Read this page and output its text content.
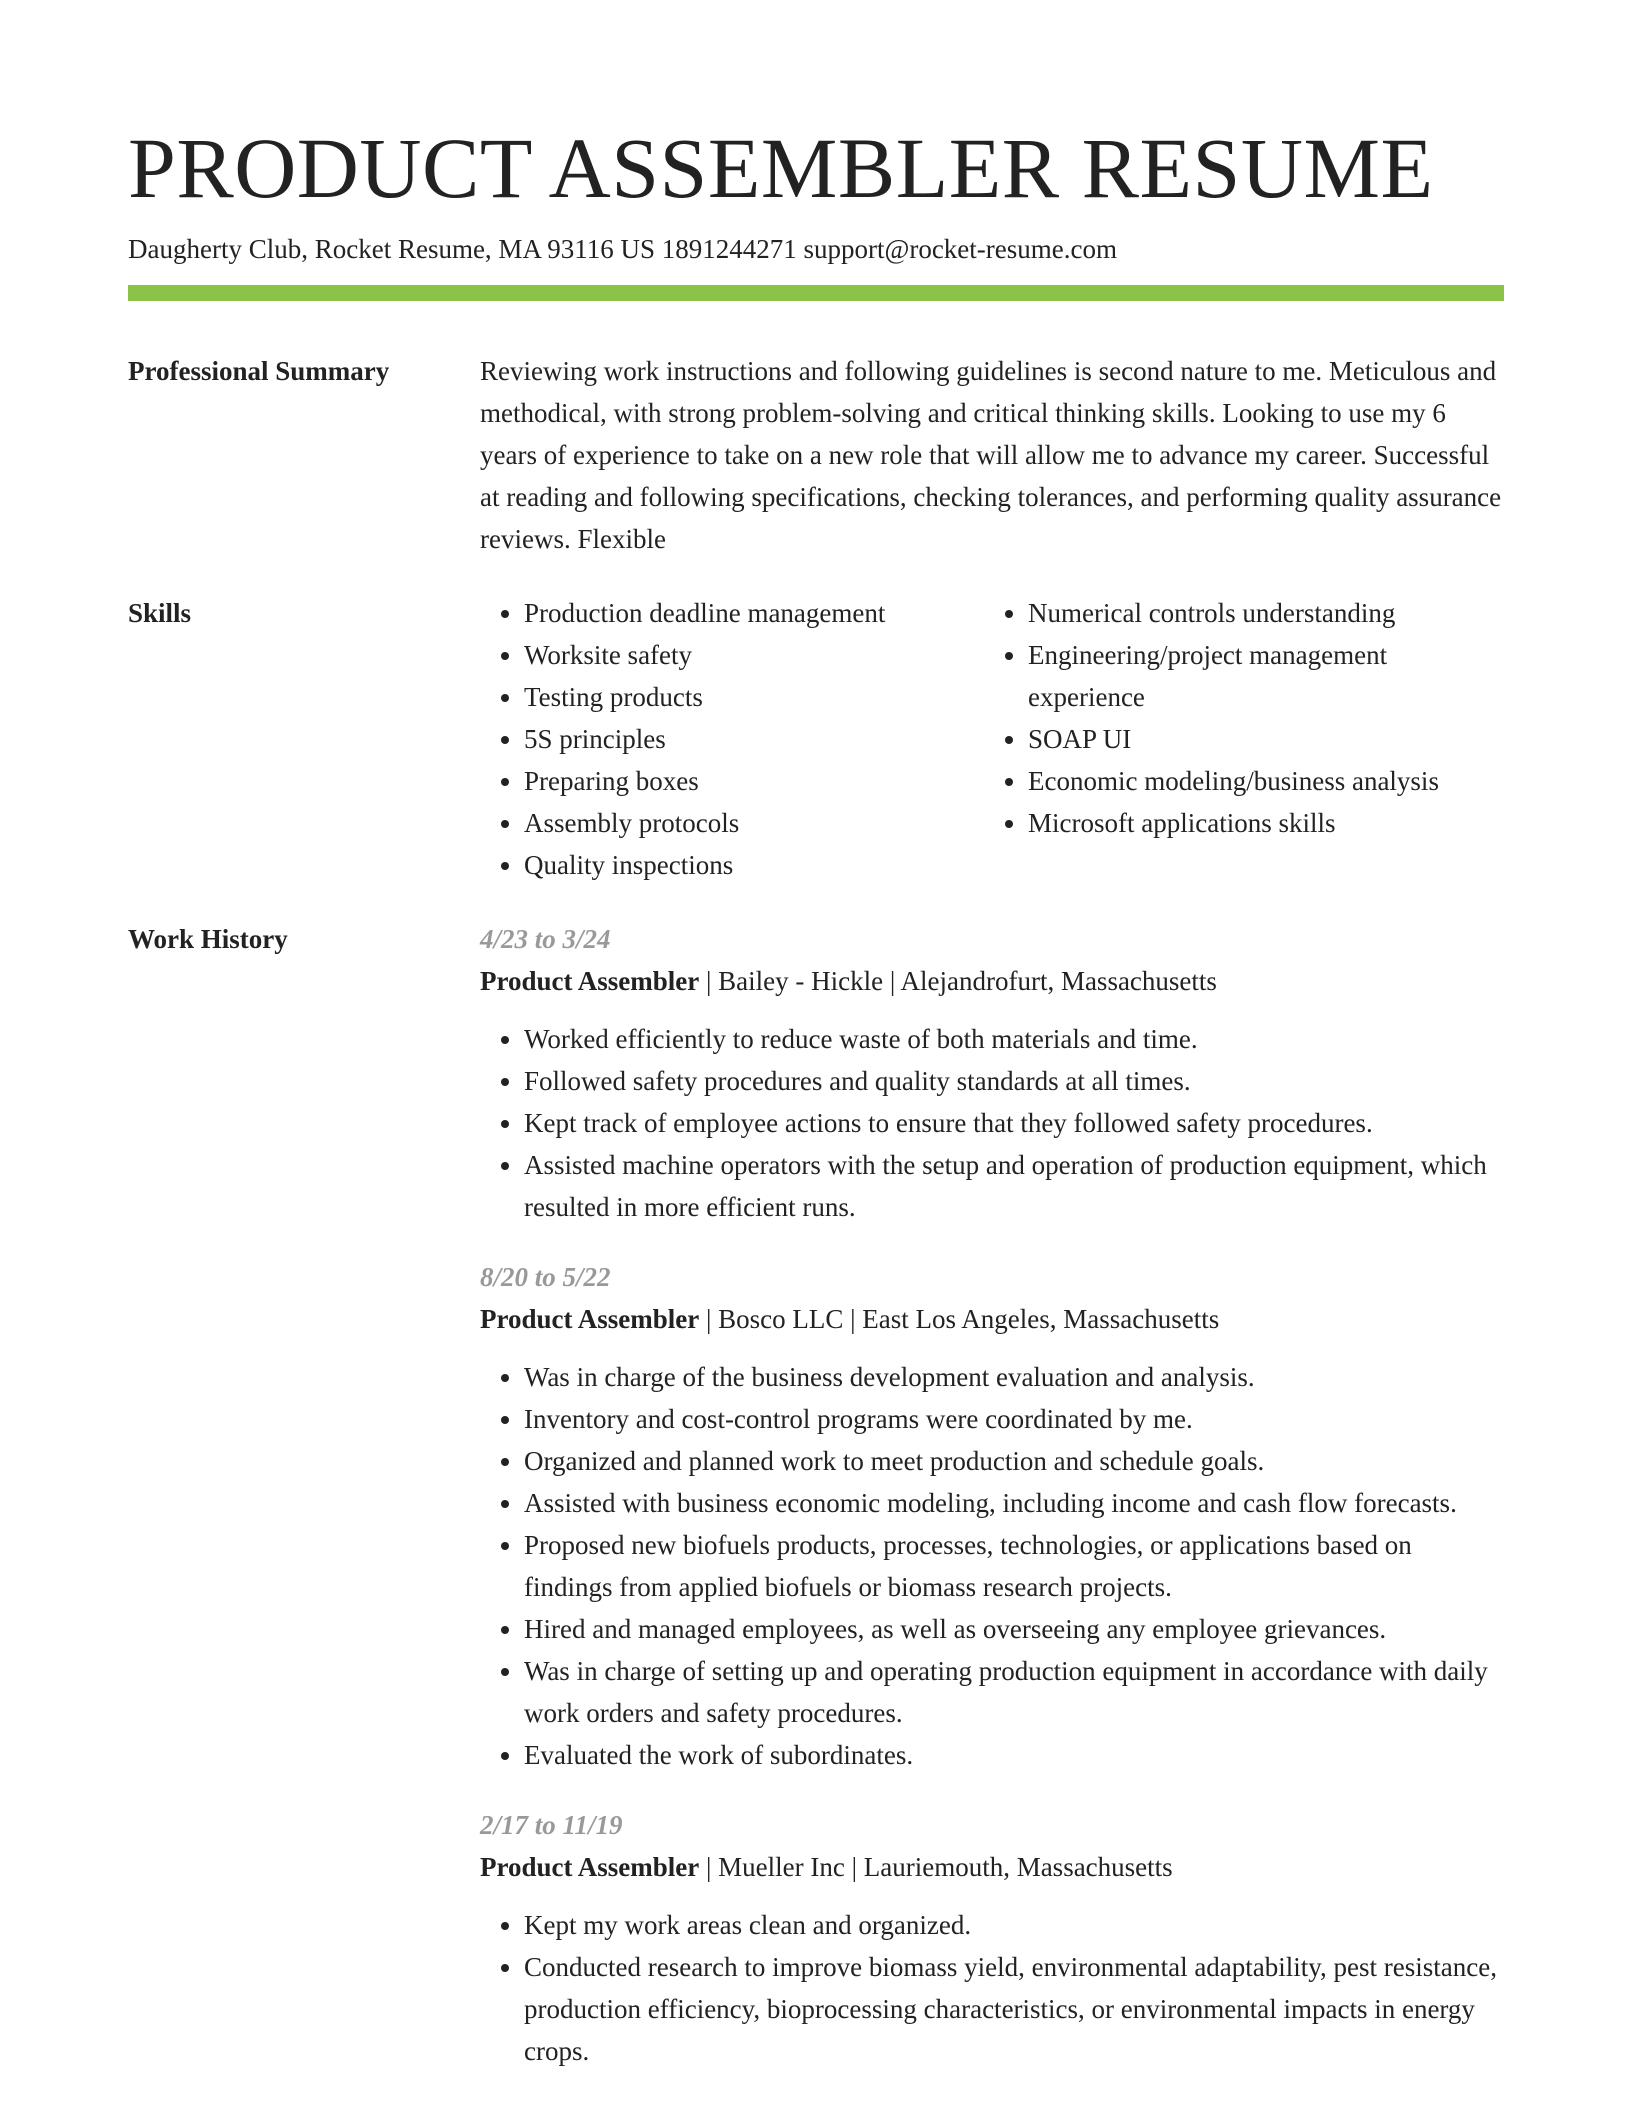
PRODUCT ASSEMBLER RESUME
Daugherty Club, Rocket Resume, MA 93116 US 1891244271 support@rocket-resume.com
Professional Summary	Reviewing work instructions and following guidelines is second nature to me. Meticulous and methodical, with strong problem-solving and critical thinking skills. Looking to use my 6 years of experience to take on a new role that will allow me to advance my career. Successful at reading and following specifications, checking tolerances, and performing quality assurance reviews. Flexible

Skills
•	Production deadline management
• Worksite safety
• Testing products
• 5S principles
• Preparing boxes
• Assembly protocols
• Quality inspections
• Numerical controls understanding
• Engineering/project management experience
• SOAP UI
• Economic modeling/business analysis
• Microsoft applications skills
Work History	4/23 to 3/24
Product Assembler | Bailey - Hickle | Alejandrofurt, Massachusetts
• Worked efficiently to reduce waste of both materials and time.
• Followed safety procedures and quality standards at all times.
• Kept track of employee actions to ensure that they followed safety procedures.
• Assisted machine operators with the setup and operation of production equipment, which resulted in more efficient runs.
8/20 to 5/22
Product Assembler | Bosco LLC | East Los Angeles, Massachusetts
• Was in charge of the business development evaluation and analysis.
• Inventory and cost-control programs were coordinated by me.
• Organized and planned work to meet production and schedule goals.
• Assisted with business economic modeling, including income and cash flow forecasts.
• Proposed new biofuels products, processes, technologies, or applications based on findings from applied biofuels or biomass research projects.
• Hired and managed employees, as well as overseeing any employee grievances.
• Was in charge of setting up and operating production equipment in accordance with daily work orders and safety procedures.
• Evaluated the work of subordinates.
2/17 to 11/19
Product Assembler | Mueller Inc | Lauriemouth, Massachusetts
• Kept my work areas clean and organized.
• Conducted research to improve biomass yield, environmental adaptability, pest resistance, production efficiency, bioprocessing characteristics, or environmental impacts in energy crops.
